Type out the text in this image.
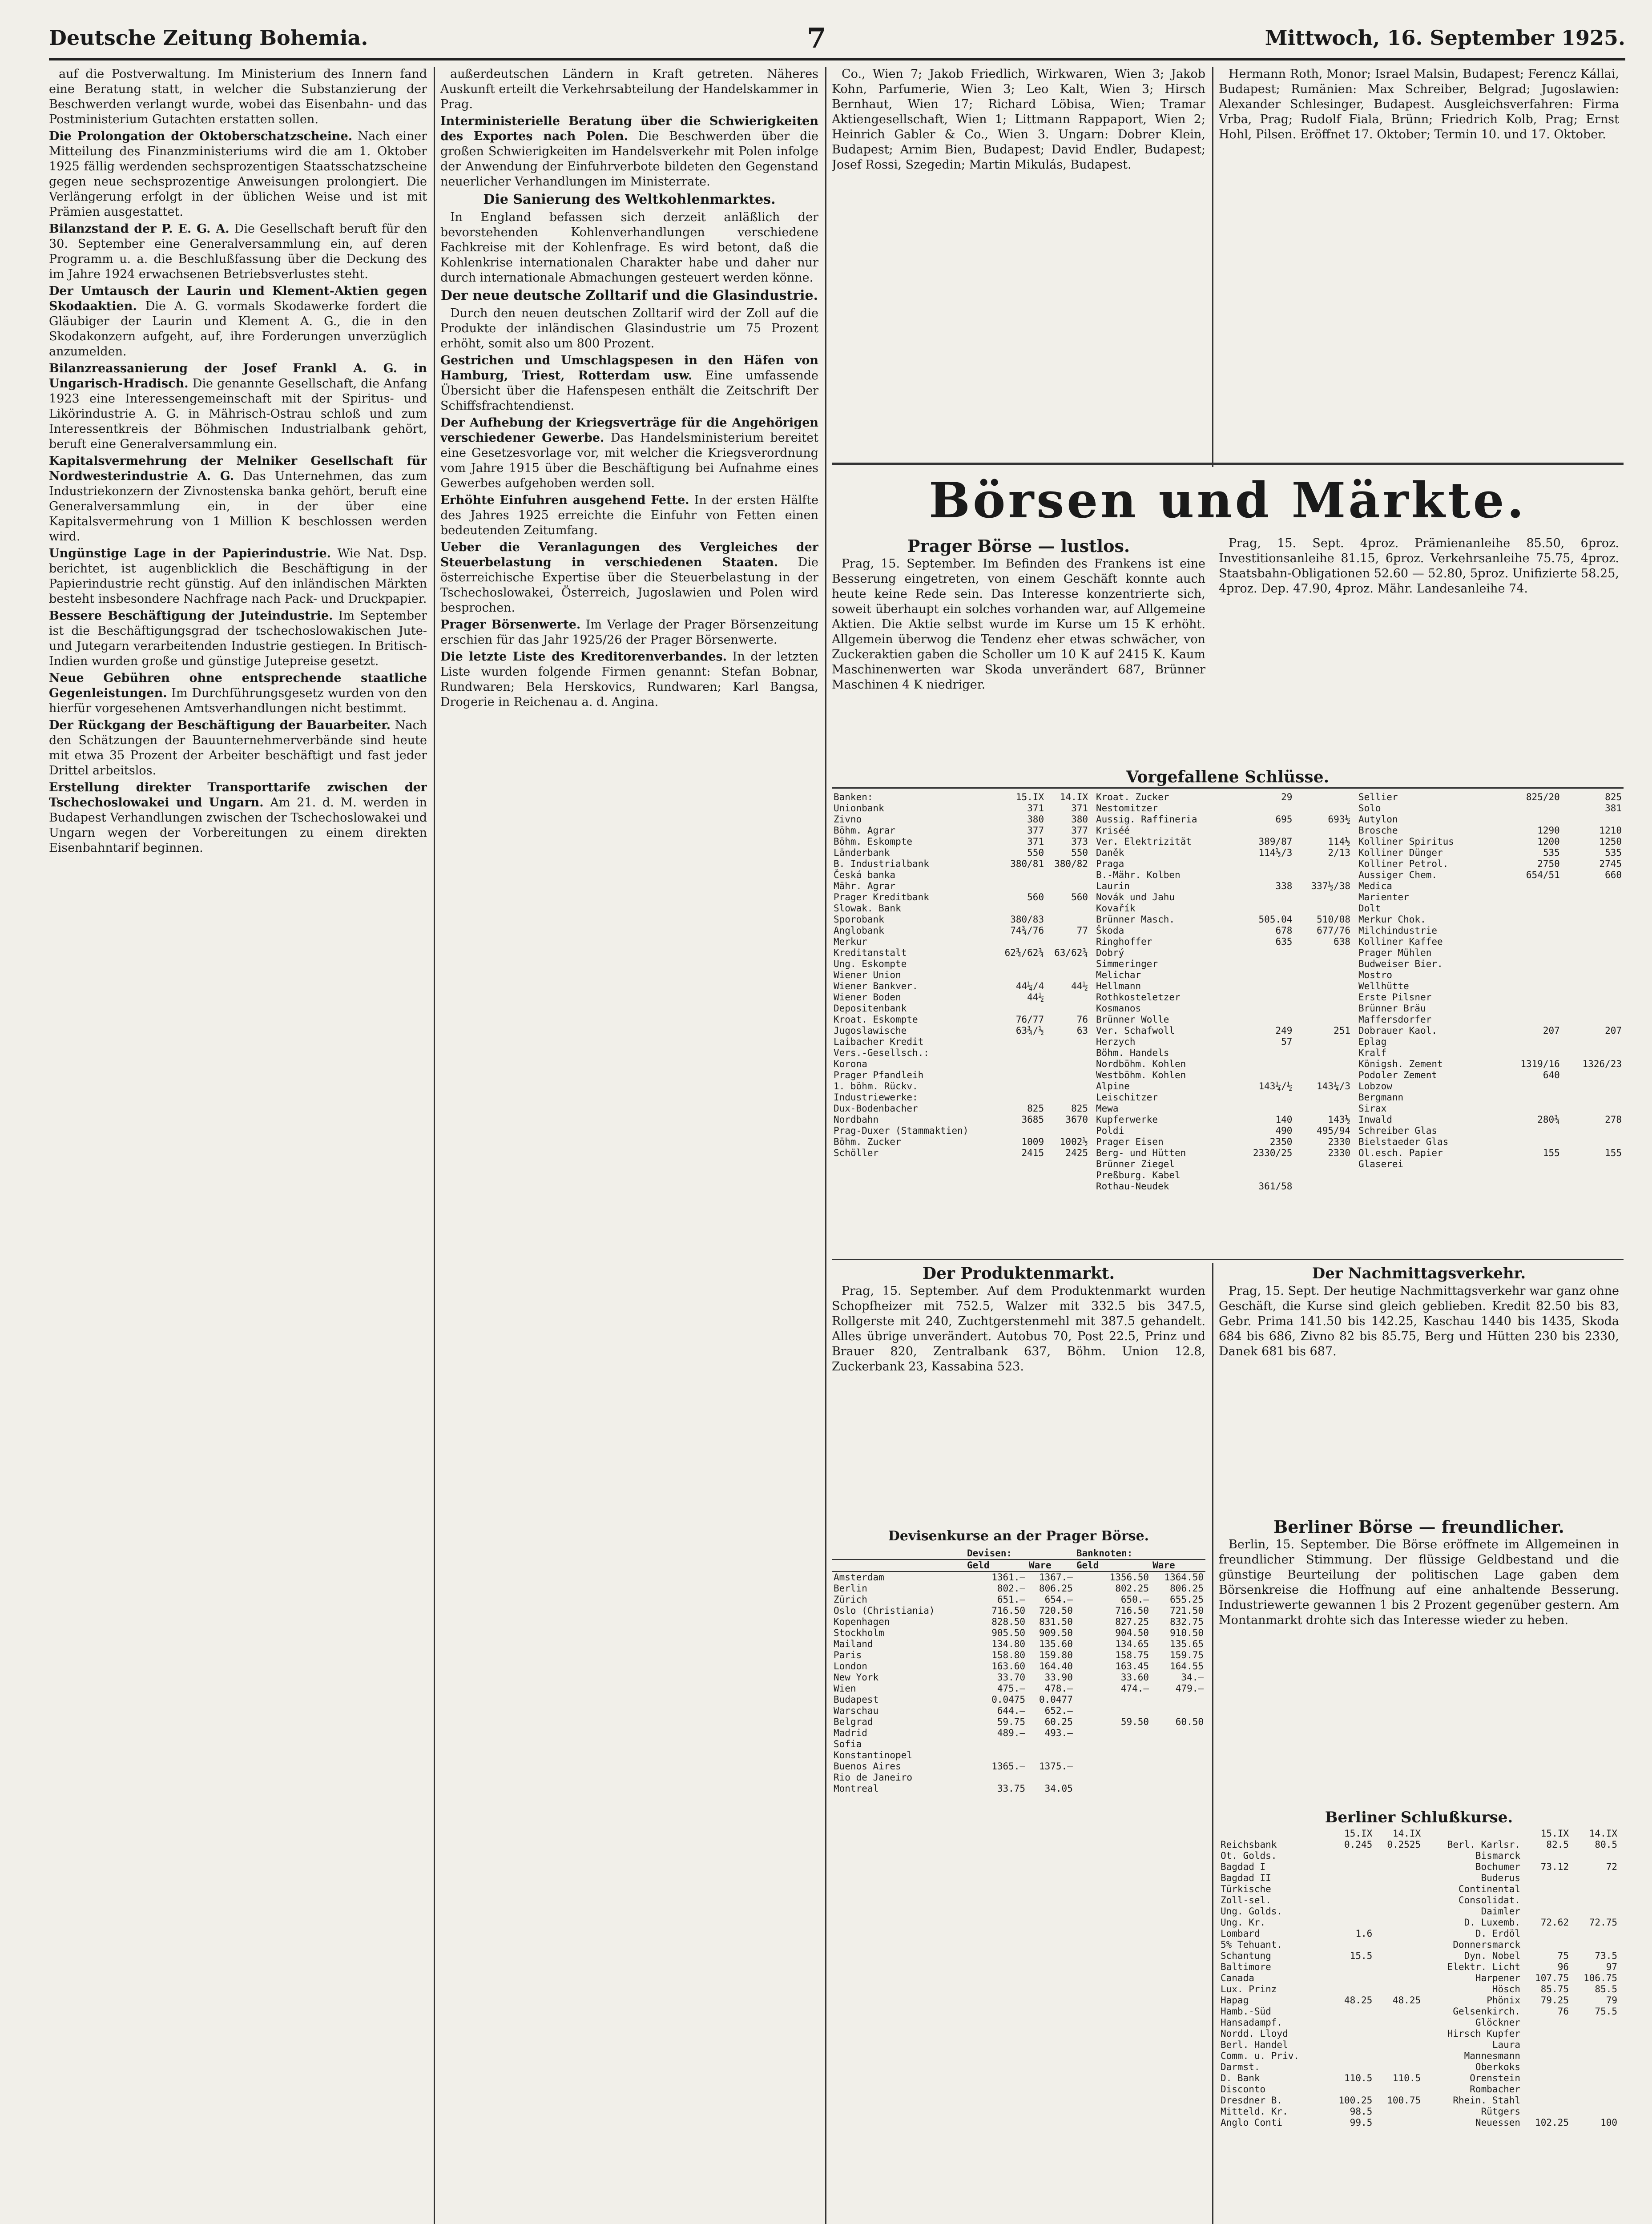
Deutsche Zeitung Bohemia.	7	Mittwoch, 16. September 1925.

auf die Postverwaltung. Im Ministerium des Innern fand eine Beratung statt, in welcher die Substanzierung der Beschwerden verlangt wurde, wobei das Eisenbahn- und das Postministerium Gutachten erstatten sollen.

Die Prolongation der Oktoberschatzscheine. Nach einer Mitteilung des Finanzministeriums wird die am 1. Oktober 1925 fällig werdenden sechsprozentigen Staatsschatzscheine gegen neue sechsprozentige Anweisungen prolongiert. Die Verlängerung erfolgt in der üblichen Weise und ist mit Prämien ausgestattet.

Bilanzstand der P. E. G. A. Die Gesellschaft beruft für den 30. September eine Generalversammlung ein, auf deren Programm u. a. die Beschlußfassung über die Deckung des im Jahre 1924 erwachsenen Betriebsverlustes steht.

Der Umtausch der Laurin und Klement-Aktien gegen Skodaaktien. Die A. G. vormals Skodawerke fordert die Gläubiger der Laurin und Klement A. G., die in den Skodakonzern aufgeht, auf, ihre Forderungen unverzüglich anzumelden.

Bilanzreassanierung der Josef Frankl A. G. in Ungarisch-Hradisch. Die genannte Gesellschaft, die Anfang 1923 eine Interessengemeinschaft mit der Spiritus- und Likörindustrie A. G. in Mährisch-Ostrau schloß und zum Interessentkreis der Böhmischen Industrialbank gehört, beruft eine Generalversammlung ein.

Kapitalsvermehrung der Melniker Gesellschaft für Nordwesterindustrie A. G. Das Unternehmen, das zum Industriekonzern der Zivnostenska banka gehört, beruft eine Generalversammlung ein, in der über eine Kapitalsvermehrung von 1 Million K beschlossen werden wird.

Ungünstige Lage in der Papierindustrie. Wie Nat. Dsp. berichtet, ist augenblicklich die Beschäftigung in der Papierindustrie recht günstig. Auf den inländischen Märkten besteht insbesondere Nachfrage nach Pack- und Druckpapier.

Bessere Beschäftigung der Juteindustrie. Im September ist die Beschäftigungsgrad der tschechoslowakischen Jute- und Jutegarn verarbeitenden Industrie gestiegen. In Britisch-Indien wurden große und günstige Jutepreise gesetzt.

Neue Gebühren ohne entsprechende staatliche Gegenleistungen. Im Durchführungsgesetz wurden von den hierfür vorgesehenen Amtsverhandlungen nicht bestimmt.

Der Rückgang der Beschäftigung der Bauarbeiter. Nach den Schätzungen der Bauunternehmerverbände sind heute mit etwa 35 Prozent der Arbeiter beschäftigt und fast jeder Drittel arbeitslos.

Erstellung direkter Transporttarife zwischen der Tschechoslowakei und Ungarn. Am 21. d. M. werden in Budapest Verhandlungen zwischen der Tschechoslowakei und Ungarn wegen der Vorbereitungen zu einem direkten Eisenbahntarif beginnen.

außerdeutschen Ländern in Kraft getreten. Näheres Auskunft erteilt die Verkehrsabteilung der Handelskammer in Prag.

Interministerielle Beratung über die Schwierigkeiten des Exportes nach Polen. Die Beschwerden über die großen Schwierigkeiten im Handelsverkehr mit Polen infolge der Anwendung der Einfuhrverbote bildeten den Gegenstand neuerlicher Verhandlungen im Ministerrate.

Die Sanierung des Weltkohlenmarktes.

In England befassen sich derzeit anläßlich der bevorstehenden Kohlenverhandlungen verschiedene Fachkreise mit der Kohlenfrage. Es wird betont, daß die Kohlenkrise internationalen Charakter habe und daher nur durch internationale Abmachungen gesteuert werden könne.

Der neue deutsche Zolltarif und die Glasindustrie.

Durch den neuen deutschen Zolltarif wird der Zoll auf die Produkte der inländischen Glasindustrie um 75 Prozent erhöht, somit also um 800 Prozent.

Gestrichen und Umschlagspesen in den Häfen von Hamburg, Triest, Rotterdam usw. Eine umfassende Übersicht über die Hafenspesen enthält die Zeitschrift Der Schiffsfrachtendienst.

Der Aufhebung der Kriegsverträge für die Angehörigen verschiedener Gewerbe. Das Handelsministerium bereitet eine Gesetzesvorlage vor, mit welcher die Kriegsverordnung vom Jahre 1915 über die Beschäftigung bei Aufnahme eines Gewerbes aufgehoben werden soll.

Erhöhte Einfuhren ausgehend Fette. In der ersten Hälfte des Jahres 1925 erreichte die Einfuhr von Fetten einen bedeutenden Zeitumfang.

Ueber die Veranlagungen des Vergleiches der Steuerbelastung in verschiedenen Staaten. Die österreichische Expertise über die Steuerbelastung in der Tschechoslowakei, Österreich, Jugoslawien und Polen wird besprochen.

Prager Börsenwerte. Im Verlage der Prager Börsenzeitung erschien für das Jahr 1925/26 der Prager Börsenwerte.

Die letzte Liste des Kreditorenverbandes. In der letzten Liste wurden folgende Firmen genannt: Stefan Bobnar, Rundwaren; Bela Herskovics, Rundwaren; Karl Bangsa, Drogerie in Reichenau a. d. Angina.

Co., Wien 7; Jakob Friedlich, Wirkwaren, Wien 3; Jakob Kohn, Parfumerie, Wien 3; Leo Kalt, Wien 3; Hirsch Bernhaut, Wien 17; Richard Löbisa, Wien; Tramar Aktiengesellschaft, Wien 1; Littmann Rappaport, Wien 2; Heinrich Gabler & Co., Wien 3. Ungarn: Dobrer Klein, Budapest; Arnim Bien, Budapest; David Endler, Budapest; Josef Rossi, Szegedin; Martin Mikulás, Budapest.

Hermann Roth, Monor; Israel Malsin, Budapest; Ferencz Kállai, Budapest; Rumänien: Max Schreiber, Belgrad; Jugoslawien: Alexander Schlesinger, Budapest. Ausgleichsverfahren: Firma Vrba, Prag; Rudolf Fiala, Brünn; Friedrich Kolb, Prag; Ernst Hohl, Pilsen. Eröffnet 17. Oktober; Termin 10. und 17. Oktober.

Börsen und Märkte.
Prager Börse — lustlos.

Prag, 15. September. Im Befinden des Frankens ist eine Besserung eingetreten, von einem Geschäft konnte auch heute keine Rede sein. Das Interesse konzentrierte sich, soweit überhaupt ein solches vorhanden war, auf Allgemeine Aktien. Die Aktie selbst wurde im Kurse um 15 K erhöht. Allgemein überwog die Tendenz eher etwas schwächer, von Zuckeraktien gaben die Scholler um 10 K auf 2415 K. Kaum Maschinenwerten war Skoda unverändert 687, Brünner Maschinen 4 K niedriger.

Prag, 15. Sept. 4proz. Prämienanleihe 85.50, 6proz. Investitionsanleihe 81.15, 6proz. Verkehrsanleihe 75.75, 4proz. Staatsbahn-Obligationen 52.60 — 52.80, 5proz. Unifizierte 58.25, 4proz. Dep. 47.90, 4proz. Mähr. Landesanleihe 74.

Vorgefallene Schlüsse.
Banken:	15.IX	14.IX
Unionbank	371	371
Zivno	380	380
Böhm. Agrar	377	377
Böhm. Eskompte	371	373
Länderbank	550	550
B. Industrialbank	380/81	380/82
Česká banka		
Mähr. Agrar		
Prager Kreditbank	560	560
Slowak. Bank		
Sporobank	380/83	
Anglobank	74¾/76	77
Merkur		
Kreditanstalt	62¾/62¾	63/62¾
Ung. Eskompte		
Wiener Union		
Wiener Bankver.	44¼/4	44½
Wiener Boden	44½	
Depositenbank		
Kroat. Eskompte	76/77	76
Jugoslawische	63¾/½	63
Laibacher Kredit		
Vers.-Gesellsch.:		
Korona		
Prager Pfandleih		
1. böhm. Rückv.		
Industriewerke:		
Dux-Bodenbacher	825	825
Nordbahn	3685	3670
Prag-Duxer (Stammaktien)		
Böhm. Zucker	1009	1002½
Schöller	2415	2425
Kroat. Zucker	29	
Nestomitzer		
Aussig. Raffineria	695	693½
Kriséé		
Ver. Elektrizität	389/87	114½
Daněk	114½/3	2/13
Praga		
B.-Mähr. Kolben		
Laurin	338	337½/38
Novák und Jahu		
Kovařík		
Brünner Masch.	505.04	510/08
Škoda	678	677/76
Ringhoffer	635	638
Dobrý		
Simmeringer		
Melichar		
Hellmann		
Rothkosteletzer		
Kosmanos		
Brünner Wolle		
Ver. Schafwoll	249	251
Herzych	57	
Böhm. Handels		
Nordböhm. Kohlen		
Westböhm. Kohlen		
Alpine	143¼/½	143¼/3
Leischitzer		
Mewa		
Kupferwerke	140	143½
Poldi	490	495/94
Prager Eisen	2350	2330
Berg- und Hütten	2330/25	2330
Brünner Ziegel		
Preßburg. Kabel		
Rothau-Neudek	361/58	
Sellier	825/20	825
Solo		381
Autylon		
Brosche	1290	1210
Kolliner Spiritus	1200	1250
Kolliner Dünger	535	535
Kolliner Petrol.	2750	2745
Aussiger Chem.	654/51	660
Medica		
Marienter		
Dolt		
Merkur Chok.		
Milchindustrie		
Kolliner Kaffee		
Prager Mühlen		
Budweiser Bier.		
Mostro		
Wellhütte		
Erste Pilsner		
Brünner Bräu		
Maffersdorfer		
Dobrauer Kaol.	207	207
Eplag		
Kralf		
Königsh. Zement	1319/16	1326/23
Podoler Zement	640	
Lobzow		
Bergmann		
Sirax		
Inwald	280¾	278
Schreiber Glas		
Bielstaeder Glas		
Ol.esch. Papier	155	155
Glaserei		
Der Produktenmarkt.

Prag, 15. September. Auf dem Produktenmarkt wurden Schopfheizer mit 752.5, Walzer mit 332.5 bis 347.5, Rollgerste mit 240, Zuchtgerstenmehl mit 387.5 gehandelt. Alles übrige unverändert. Autobus 70, Post 22.5, Prinz und Brauer 820, Zentralbank 637, Böhm. Union 12.8, Zuckerbank 23, Kassabina 523.

Devisenkurse an der Prager Börse.
	Devisen:		Banknoten:	
	Geld	Ware	Geld	Ware
Amsterdam	1361.—	1367.—	1356.50	1364.50
Berlin	802.—	806.25	802.25	806.25
Zürich	651.—	654.—	650.—	655.25
Oslo (Christiania)	716.50	720.50	716.50	721.50
Kopenhagen	828.50	831.50	827.25	832.75
Stockholm	905.50	909.50	904.50	910.50
Mailand	134.80	135.60	134.65	135.65
Paris	158.80	159.80	158.75	159.75
London	163.60	164.40	163.45	164.55
New York	33.70	33.90	33.60	34.—
Wien	475.—	478.—	474.—	479.—
Budapest	0.0475	0.0477		
Warschau	644.—	652.—		
Belgrad	59.75	60.25	59.50	60.50
Madrid	489.—	493.—		
Sofia				
Konstantinopel				
Buenos Aires	1365.—	1375.—		
Rio de Janeiro				
Montreal	33.75	34.05		
Der Nachmittagsverkehr.

Prag, 15. Sept. Der heutige Nachmittagsverkehr war ganz ohne Geschäft, die Kurse sind gleich geblieben. Kredit 82.50 bis 83, Gebr. Prima 141.50 bis 142.25, Kaschau 1440 bis 1435, Skoda 684 bis 686, Zivno 82 bis 85.75, Berg und Hütten 230 bis 2330, Danek 681 bis 687.

Berliner Börse — freundlicher.

Berlin, 15. September. Die Börse eröffnete im Allgemeinen in freundlicher Stimmung. Der flüssige Geldbestand und die günstige Beurteilung der politischen Lage gaben dem Börsenkreise die Hoffnung auf eine anhaltende Besserung. Industriewerte gewannen 1 bis 2 Prozent gegenüber gestern. Am Montanmarkt drohte sich das Interesse wieder zu heben.

Berliner Schlußkurse.
	15.IX	14.IX		15.IX	14.IX
Reichsbank	0.245	0.2525	Berl. Karlsr.	82.5	80.5
Ot. Golds.			Bismarck		
Bagdad I			Bochumer	73.12	72
Bagdad II			Buderus		
Türkische			Continental		
Zoll-sel.			Consolidat.		
Ung. Golds.			Daimler		
Ung. Kr.			D. Luxemb.	72.62	72.75
Lombard	1.6		D. Erdöl		
5% Tehuant.			Donnersmarck		
Schantung	15.5		Dyn. Nobel	75	73.5
Baltimore			Elektr. Licht	96	97
Canada			Harpener	107.75	106.75
Lux. Prinz			Hösch	85.75	85.5
Hapag	48.25	48.25	Phönix	79.25	79
Hamb.-Süd			Gelsenkirch.	76	75.5
Hansadampf.			Glöckner		
Nordd. Lloyd			Hirsch Kupfer		
Berl. Handel			Laura		
Comm. u. Priv.			Mannesmann		
Darmst.			Oberkoks		
D. Bank	110.5	110.5	Orenstein		
Disconto			Rombacher		
Dresdner B.	100.25	100.75	Rhein. Stahl		
Mitteld. Kr.	98.5		Rütgers		
Anglo Conti	99.5		Neuessen	102.25	100
